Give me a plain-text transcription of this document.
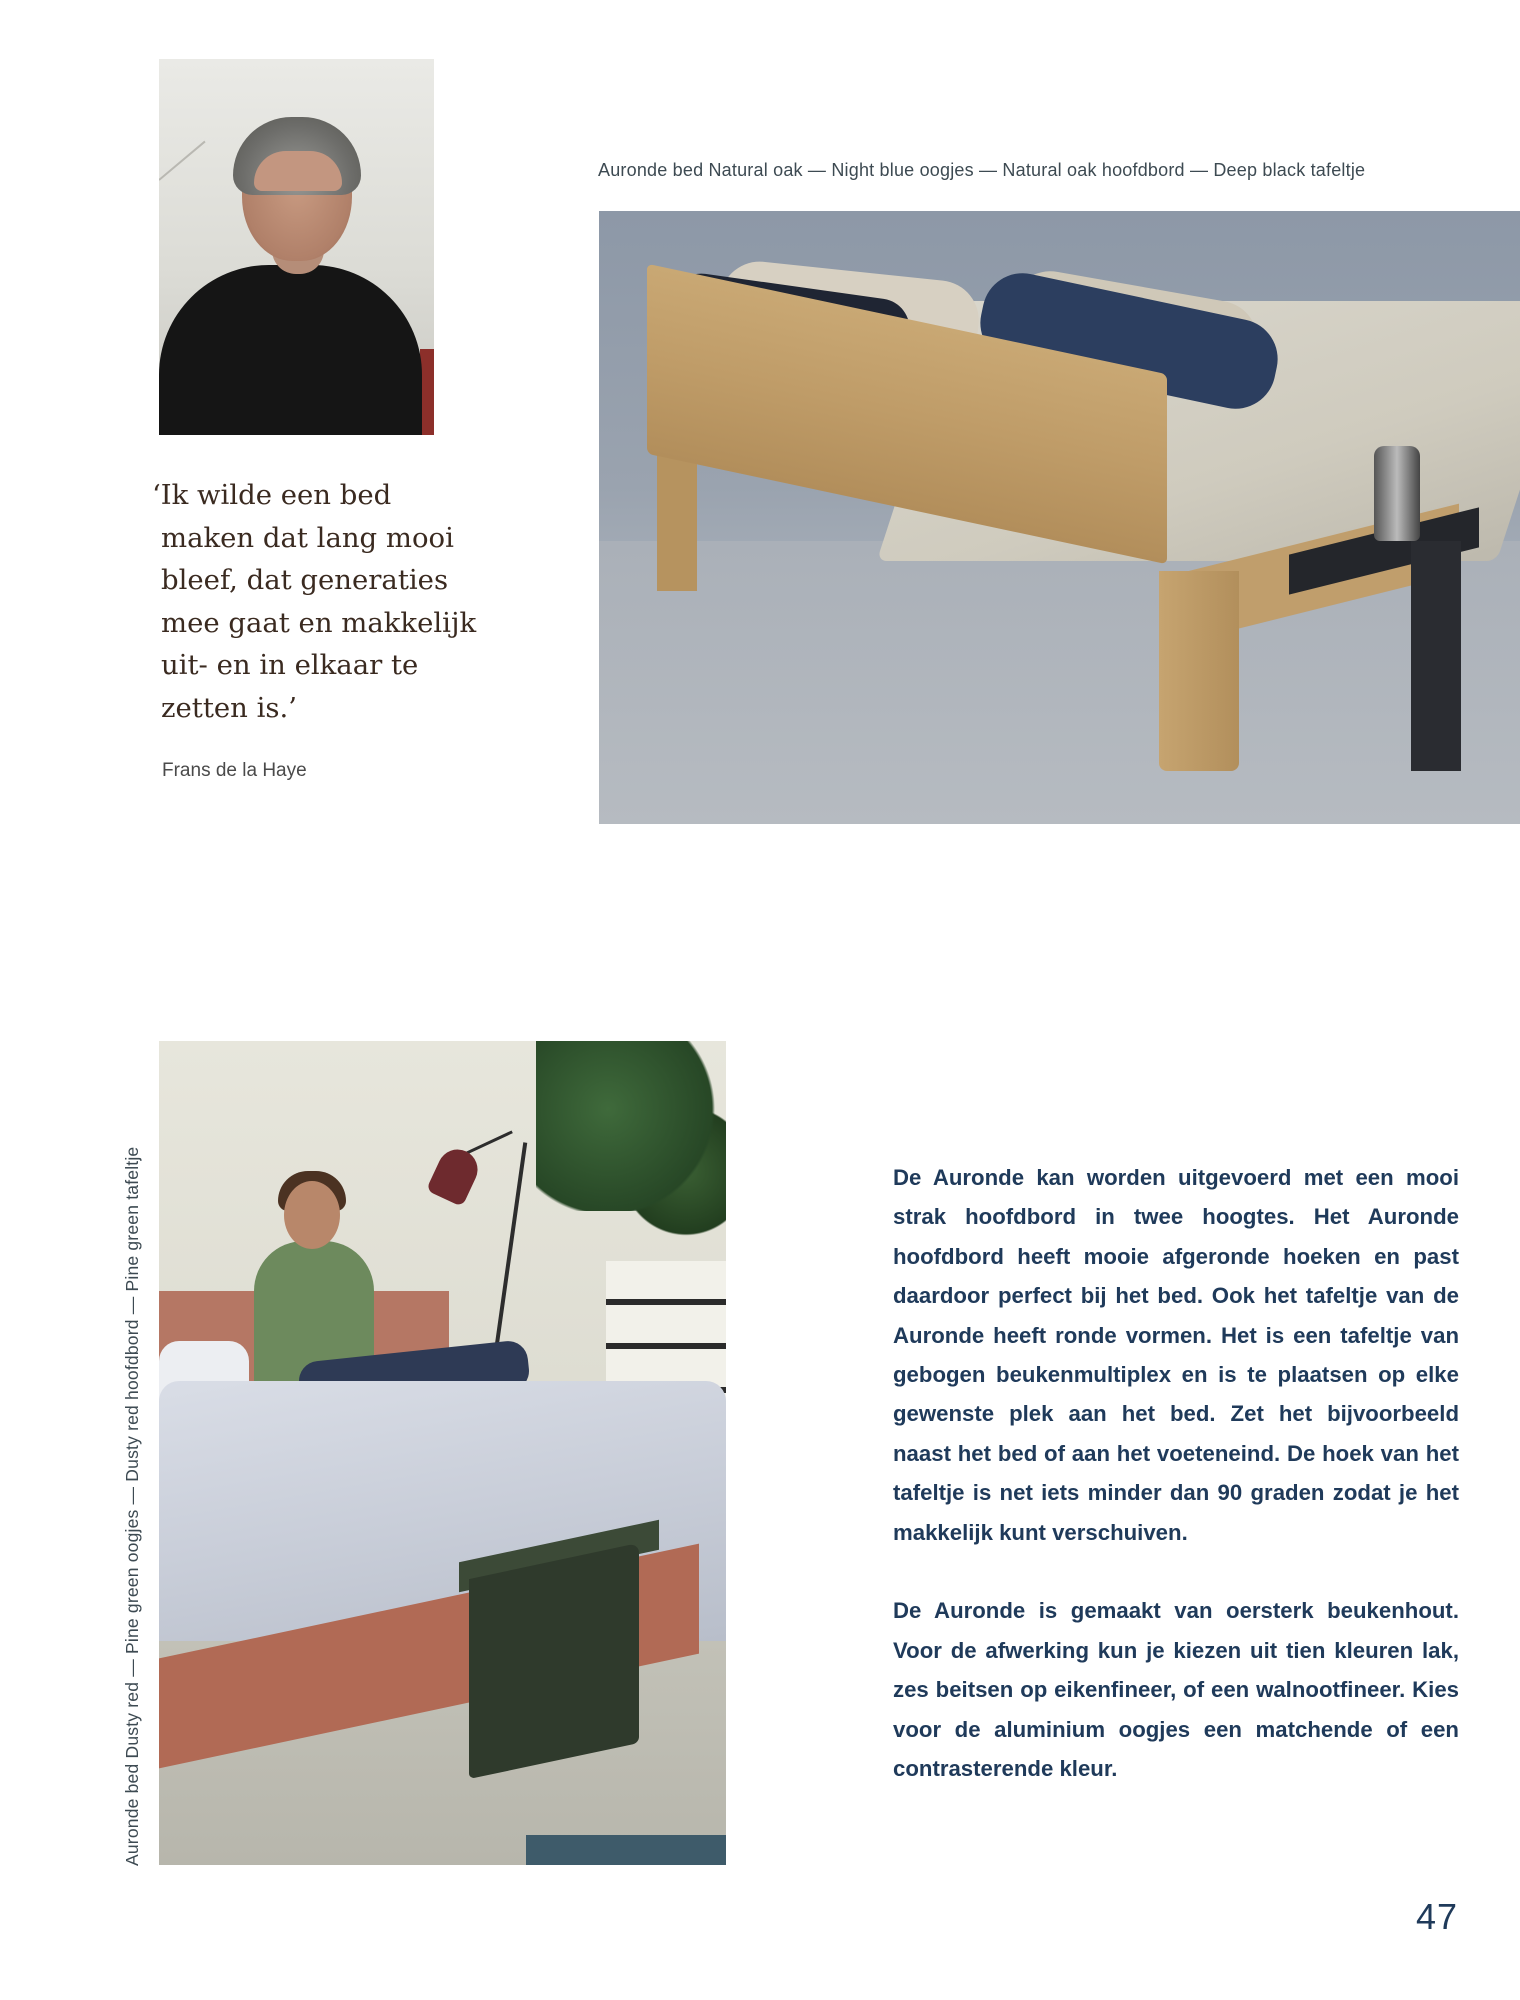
Auronde bed Natural oak — Night blue oogjes — Natural oak hoofdbord — Deep black tafeltje
‘Ik wilde een bed
maken dat lang mooi
bleef, dat generaties
mee gaat en makkelijk
uit- en in elkaar te
zetten is.’
Frans de la Haye
Auronde bed Dusty red — Pine green oogjes — Dusty red hoofdbord — Pine green tafeltje	De Auronde kan worden uitgevoerd met een mooi strak hoofdbord in twee hoogtes. Het Auronde hoofdbord heeft mooie afgeronde hoeken en past daardoor perfect bij het bed. Ook het tafeltje van de Auronde heeft ronde vormen. Het is een tafeltje van gebogen beukenmultiplex en is te plaatsen op elke gewenste plek aan het bed. Zet het bijvoorbeeld naast het bed of aan het voeteneind. De hoek van het tafeltje is net iets minder dan 90 graden zodat je het makkelijk kunt verschuiven.

De Auronde is gemaakt van oersterk beukenhout. Voor de afwerking kun je kiezen uit tien kleuren lak, zes beitsen op eikenfineer, of een walnootfineer. Kies voor de aluminium oogjes een matchende of een contrasterende kleur.

47
